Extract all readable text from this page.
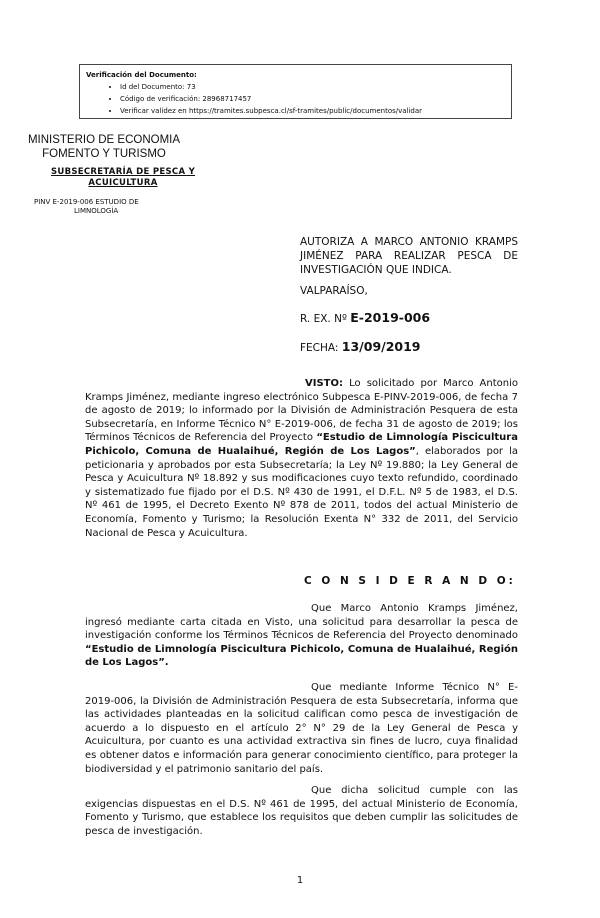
Verificación del Documento:
• Id del Documento: 73
• Código de verificación: 28968717457
• Verificar validez en https://tramites.subpesca.cl/sf-tramites/public/documentos/validar
MINISTERIO DE ECONOMIA
FOMENTO Y TURISMO
SUBSECRETARÍA DE PESCA Y
ACUICULTURA
PINV E-2019-006 ESTUDIO DE
LIMNOLOGÍA
AUTORIZA A MARCO ANTONIO KRAMPS JIMÉNEZ PARA REALIZAR PESCA DE INVESTIGACIÓN QUE INDICA.
VALPARAÍSO,
R. EX. Nº E-2019-006
FECHA: 13/09/2019

VISTO: Lo solicitado por Marco Antonio Kramps Jiménez, mediante ingreso electrónico Subpesca E-PINV-2019-006, de fecha 7 de agosto de 2019; lo informado por la División de Administración Pesquera de esta Subsecretaría, en Informe Técnico N° E-2019-006, de fecha 31 de agosto de 2019; los Términos Técnicos de Referencia del Proyecto “Estudio de Limnología Piscicultura Pichicolo, Comuna de Hualaihué, Región de Los Lagos”, elaborados por la peticionaria y aprobados por esta Subsecretaría; la Ley Nº 19.880; la Ley General de Pesca y Acuicultura Nº 18.892 y sus modificaciones cuyo texto refundido, coordinado y sistematizado fue fijado por el D.S. Nº 430 de 1991, el D.F.L. Nº 5 de 1983, el D.S. Nº 461 de 1995, el Decreto Exento Nº 878 de 2011, todos del actual Ministerio de Economía, Fomento y Turismo; la Resolución Exenta N° 332 de 2011, del Servicio Nacional de Pesca y Acuicultura.

C O N S I D E R A N D O:

Que Marco Antonio Kramps Jiménez, ingresó mediante carta citada en Visto, una solicitud para desarrollar la pesca de investigación conforme los Términos Técnicos de Referencia del Proyecto denominado “Estudio de Limnología Piscicultura Pichicolo, Comuna de Hualaihué, Región de Los Lagos”.

Que mediante Informe Técnico N° E-2019-006, la División de Administración Pesquera de esta Subsecretaría, informa que las actividades planteadas en la solicitud califican como pesca de investigación de acuerdo a lo dispuesto en el artículo 2° N° 29 de la Ley General de Pesca y Acuicultura, por cuanto es una actividad extractiva sin fines de lucro, cuya finalidad es obtener datos e información para generar conocimiento científico, para proteger la biodiversidad y el patrimonio sanitario del país.

Que dicha solicitud cumple con las exigencias dispuestas en el D.S. Nº 461 de 1995, del actual Ministerio de Economía, Fomento y Turismo, que establece los requisitos que deben cumplir las solicitudes de pesca de investigación.

1
